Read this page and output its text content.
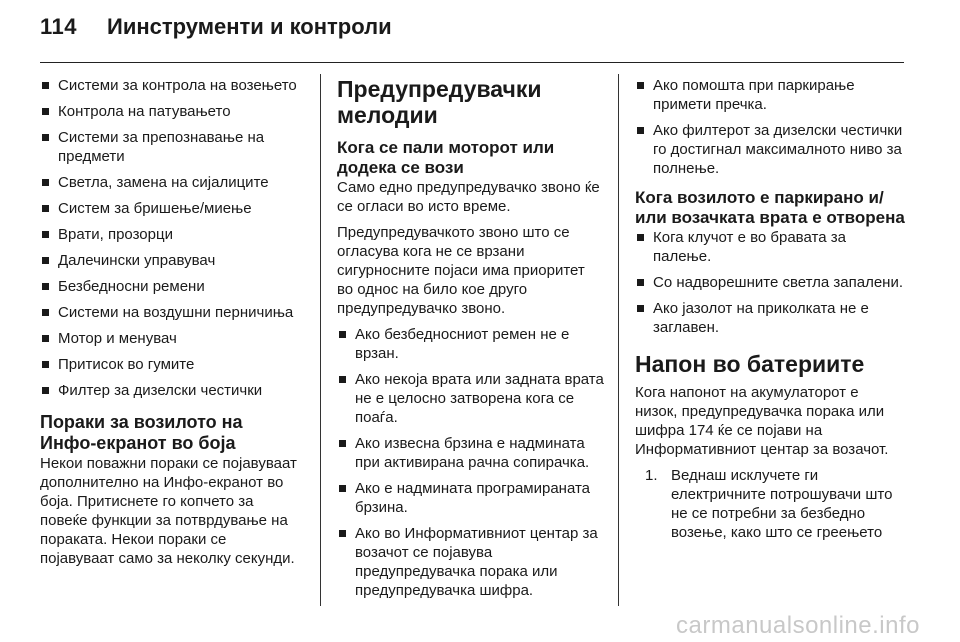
114 Иинструменти и контроли
Системи за контрола на возењето
Контрола на патувањето
Системи за препознавање на предмети
Светла, замена на сијалиците
Систем за бришење/миење
Врати, прозорци
Далечински управувач
Безбедносни ремени
Системи на воздушни перничиња
Мотор и менувач
Притисок во гумите
Филтер за дизелски честички
Пораки за возилото на Инфо-екранот во боја

Некои поважни пораки се појавуваат дополнително на Инфо-екранот во боја. Притиснете го копчето за повеќе функции за потврдување на пораката. Некои пораки се појавуваат само за неколку секунди.

Предупредувачки мелодии
Кога се пали моторот или додека се вози

Само едно предупредувачко звоно ќе се огласи во исто време.

Предупредувачкото звоно што се огласува кога не се врзани сигурносните појаси има приоритет во однос на било кое друго предупредувачко звоно.

Ако безбедносниот ремен не е врзан.
Ако некоја врата или задната врата не е целосно затворена кога се поаѓа.
Ако извесна брзина е надмината при активирана рачна сопирачка.
Ако е надмината програмираната брзина.
Ако во Информативниот центар за возачот се појавува предупредувачка порака или предупредувачка шифра.
Ако помошта при паркирање примети пречка.
Ако филтерот за дизелски честички го достигнал максималното ниво за полнење.
Кога возилото е паркирано и/или возачката врата е отворена
Кога клучот е во бравата за палење.
Со надворешните светла запалени.
Ако јазолот на приколката не е заглавен.
Напон во батериите

Кога напонот на акумулаторот е низок, предупредувачка порака или шифра 174 ќе се појави на Информативниот центар за возачот.

1. Веднаш исклучете ги електричните потрошувачи што не се потребни за безбедно возење, како што се греењето
carmanualsonline.info
